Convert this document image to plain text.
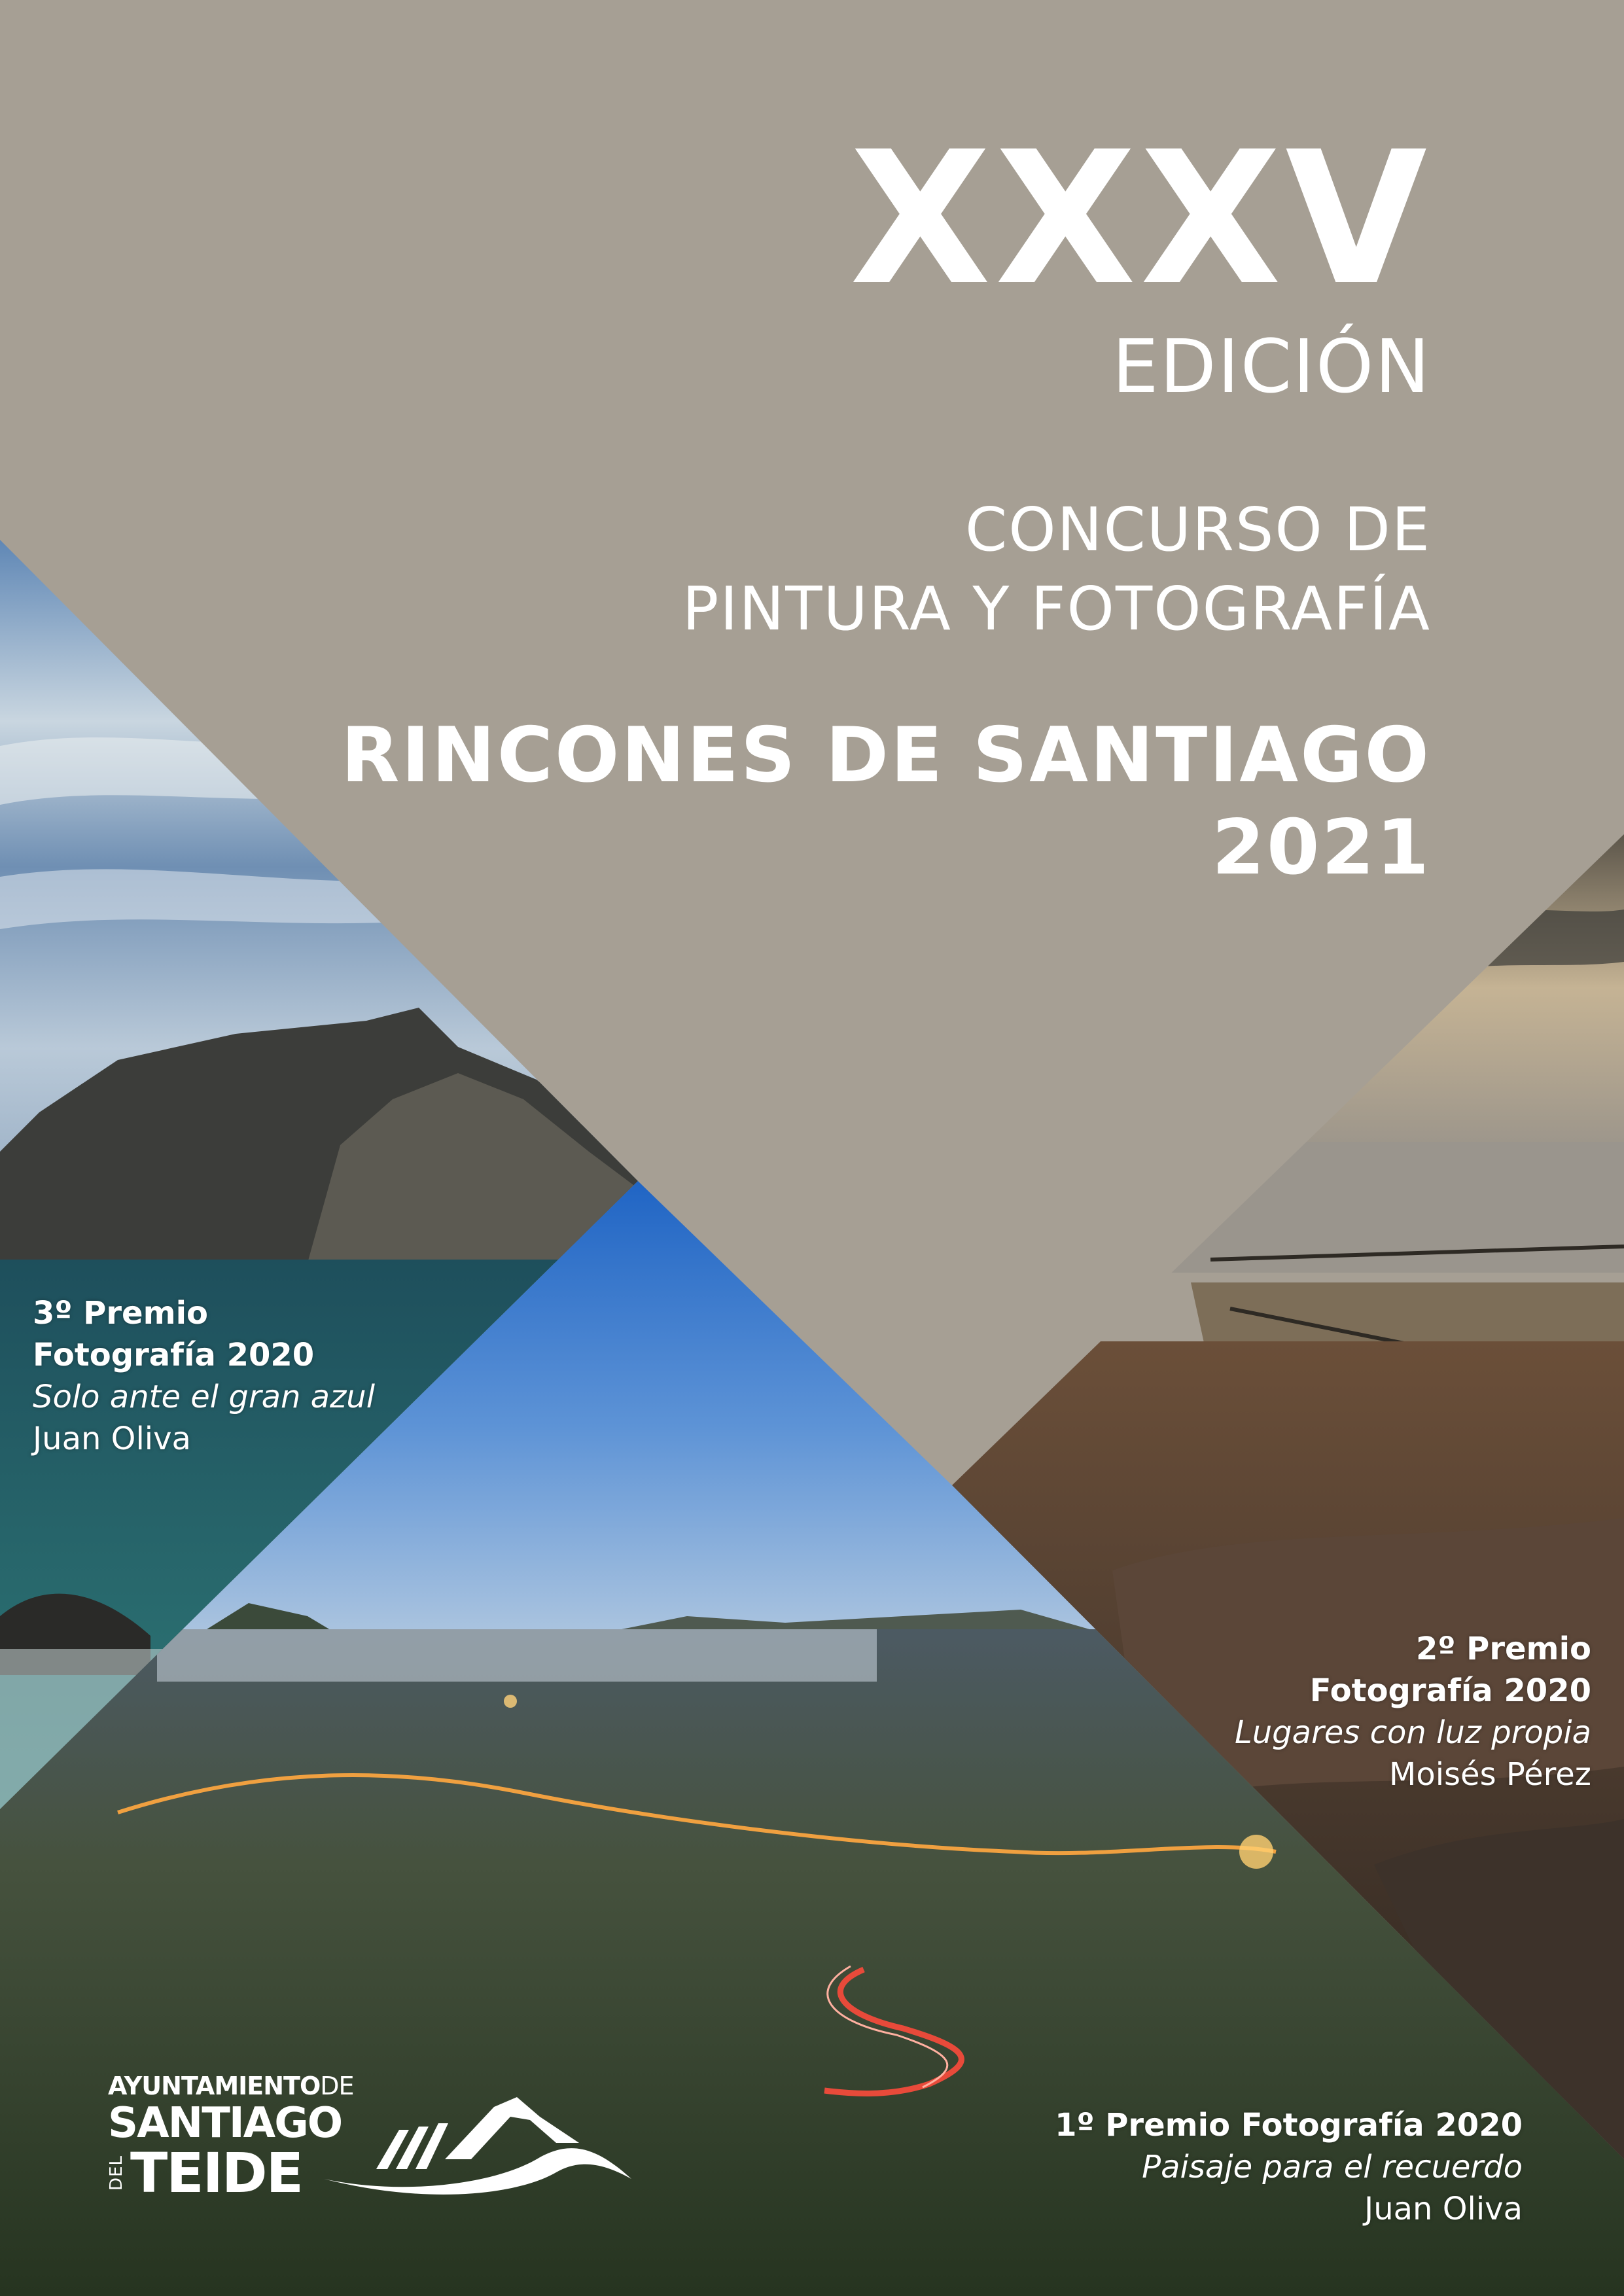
XXXV
EDICIÓN
CONCURSO DE
PINTURA Y FOTOGRAFÍA
RINCONES DE SANTIAGO
2021
3º Premio
Fotografía 2020
Solo ante el gran azul
Juan Oliva
2º Premio
Fotografía 2020
Lugares con luz propia
Moisés Pérez
1º Premio Fotografía 2020
Paisaje para el recuerdo
Juan Oliva
AYUNTAMIENTODE
SANTIAGO
DEL TEIDE
